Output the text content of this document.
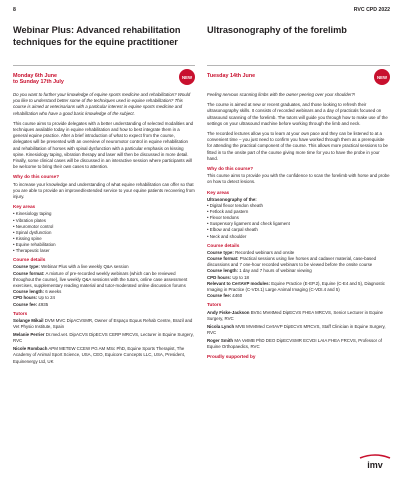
8	RVC CPD 2022
Webinar Plus: Advanced rehabilitation techniques for the equine practitioner
Monday 6th June
to Sunday 17th July
NEW

Do you want to further your knowledge of equine sports medicine and rehabilitation? Would you like to understand better some of the techniques used in equine rehabilitation? This course is aimed at veterinarians with a particular interest in equine sports medicine and rehabilitation who have a good basic knowledge of the subject.

This course aims to provide delegates with a better understanding of selected modalities and techniques available today in equine rehabilitation and how to best integrate them in a general equine practice. After a brief introduction of what to expect from the course, delegates will be presented with an overview of neuromotor control in equine rehabilitation and rehabilitation of horses with spinal dysfunction with a particular emphasis on kissing spine. Kinesiology taping, vibration therapy and laser will then be discussed in more detail. Finally, some clinical cases will be discussed in an interactive session where participants will be welcome to bring their own cases to attention.

Why do this course?

To increase your knowledge and understanding of what equine rehabilitation can offer so that you are able to provide an improved/extended service to your equine patients recovering from injury.

Key areas
• Kinesiology taping
• Vibration plates
• Neuromotor control
• Spinal dysfunction
• Kissing spine
• Equine rehabilitation
• Therapeutic laser
Course details

Course type: Webinar Plus with a live weekly Q&A session

Course format: A mixture of pre-recorded weekly webinars (which can be reviewed throughout the course), live weekly Q&A sessions with the tutors, online case assessment exercises, supplementary reading material and tutor-moderated online discussion forums

Course length: 6 weeks

CPD hours: Up to 24

Course fee: £935

Tutors

Solange Mikail DVM MVC DipACVSMR, Owner of Espaço Equus Rehab Centre, Brazil and Vet Physio Institute, Spain

Melanie Perrier Dr.med.vet. DipACVS DipECVS CERP MRCVS, Lecturer in Equine Surgery, RVC

Nicole Rombach APM METEW CCEW PG AM MSc PhD, Equine Sports Therapist, The Academy of Animal Sport Science, USA, CEO, Equicore Concepts LLC, USA, President, Equinenergy Ltd, UK

Ultrasonography of the forelimb
Tuesday 14th June	NEW

Feeling nervous scanning limbs with the owner peering over your shoulder?!

The course is aimed at new or recent graduates, and those looking to refresh their ultrasonography skills. It consists of recorded webinars and a day of practicals focused on ultrasound scanning of the forelimb. The tutors will guide you through how to make use of the settings on your ultrasound machine before working through the limb and neck.

The recorded lectures allow you to learn at your own pace and they can be listened to at a convenient time – you just need to confirm you have worked through them as a prerequisite for attending the practical component of the course. This allows more practical sessions to be fitted in to the onsite part of the course giving more time for you to have the probe in your hand.

Why do this course?

This course aims to provide you with the confidence to scan the forelimb with horse and probe on how to detect lesions.

Key areas
Ultrasonography of the:
• Digital flexor tendon sheath
• Fetlock and pastern
• Flexor tendons
• Suspensory ligament and check ligament
• Elbow and carpal sheath
• Neck and shoulder
Course details

Course type: Recorded webinars and onsite

Course format: Practical sessions using live horses and cadaver material, case-based discussions and 7 one-hour recorded webinars to be viewed before the onsite course

Course length: 1 day and 7 hours of webinar viewing

CPD hours: Up to 18

Relevant to CertAVP modules: Equine Practice (E-EP.2), Equine (C-E4 and 5), Diagnostic Imaging in Practice (C-VDI.1) Large Animal Imaging (C-VDI.4 and 5)

Course fee: £460

Tutors

Andy Fiske-Jackson BVSc MVetMed DipECVS FHEA MRCVS, Senior Lecturer in Equine Surgery, RVC

Nicola Lynch MVB MVetMed CertAVP DipECVS MRCVS, Staff Clinician in Equine Surgery, RVC

Roger Smith MA VetMB PhD DEO DipECVSMR ECVDI LAIA FHEA FRCVS, Professor of Equine Orthopaedics, RVC

Proudly supported by
imv
